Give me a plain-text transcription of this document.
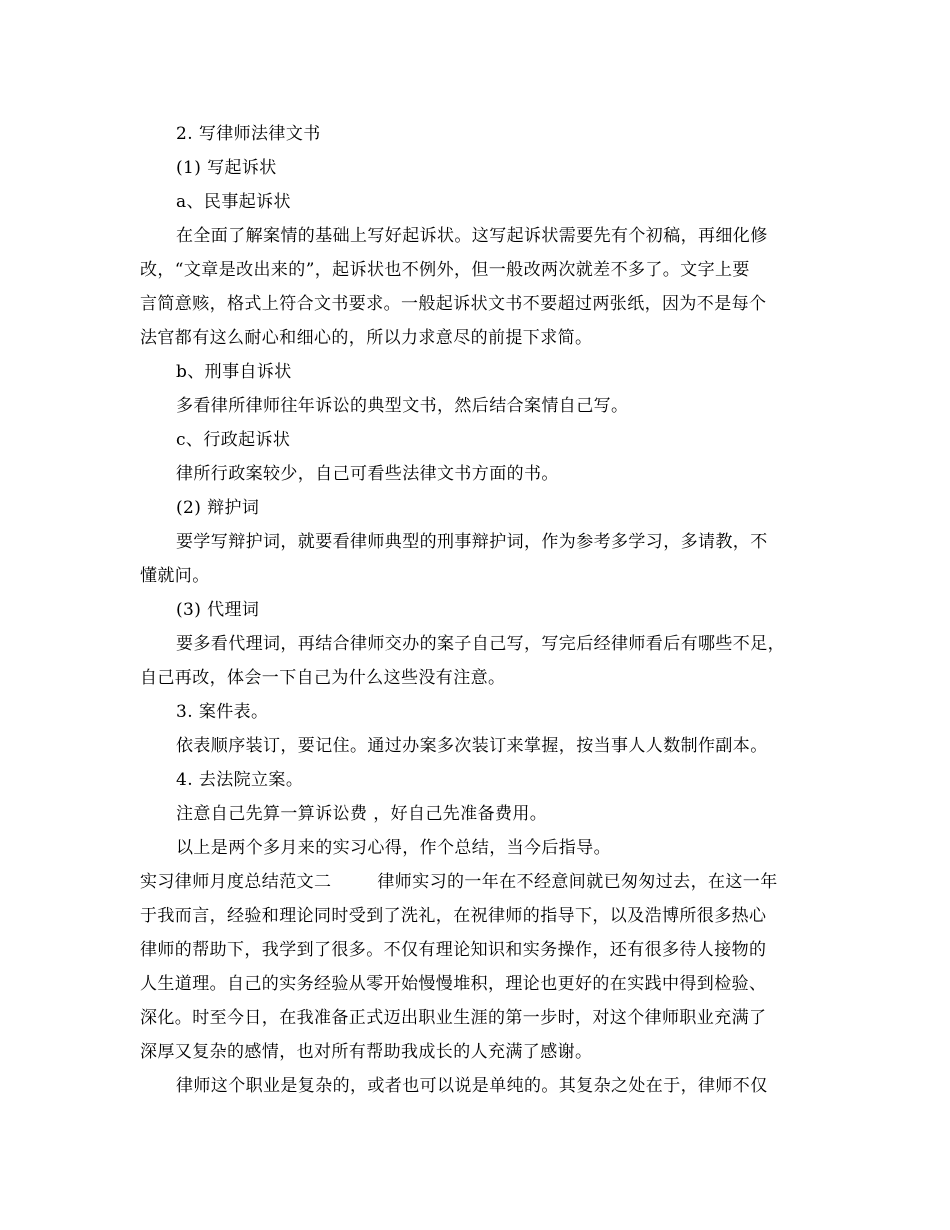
2. 写律师法律文书
(1) 写起诉状
a、民事起诉状
在全面了解案情的基础上写好起诉状。这写起诉状需要先有个初稿，再细化修
改，“文章是改出来的”，起诉状也不例外，但一般改两次就差不多了。文字上要
言简意赅，格式上符合文书要求。一般起诉状文书不要超过两张纸，因为不是每个
法官都有这么耐心和细心的，所以力求意尽的前提下求简。
b、刑事自诉状
多看律所律师往年诉讼的典型文书，然后结合案情自己写。
c、行政起诉状
律所行政案较少，自己可看些法律文书方面的书。
(2) 辩护词
要学写辩护词，就要看律师典型的刑事辩护词，作为参考多学习，多请教，不
懂就问。
(3) 代理词
要多看代理词，再结合律师交办的案子自己写，写完后经律师看后有哪些不足，
自己再改，体会一下自己为什么这些没有注意。
3. 案件表。
依表顺序装订，要记住。通过办案多次装订来掌握，按当事人人数制作副本。
4. 去法院立案。
注意自己先算一算诉讼费 ，好自己先准备费用。
以上是两个多月来的实习心得，作个总结，当今后指导。
实习律师月度总结范文二	律师实习的一年在不经意间就已匆匆过去，在这一年
于我而言，经验和理论同时受到了洗礼，在祝律师的指导下，以及浩博所很多热心
律师的帮助下，我学到了很多。不仅有理论知识和实务操作，还有很多待人接物的
人生道理。自己的实务经验从零开始慢慢堆积，理论也更好的在实践中得到检验、
深化。时至今日，在我准备正式迈出职业生涯的第一步时，对这个律师职业充满了
深厚又复杂的感情，也对所有帮助我成长的人充满了感谢。
律师这个职业是复杂的，或者也可以说是单纯的。其复杂之处在于，律师不仅
